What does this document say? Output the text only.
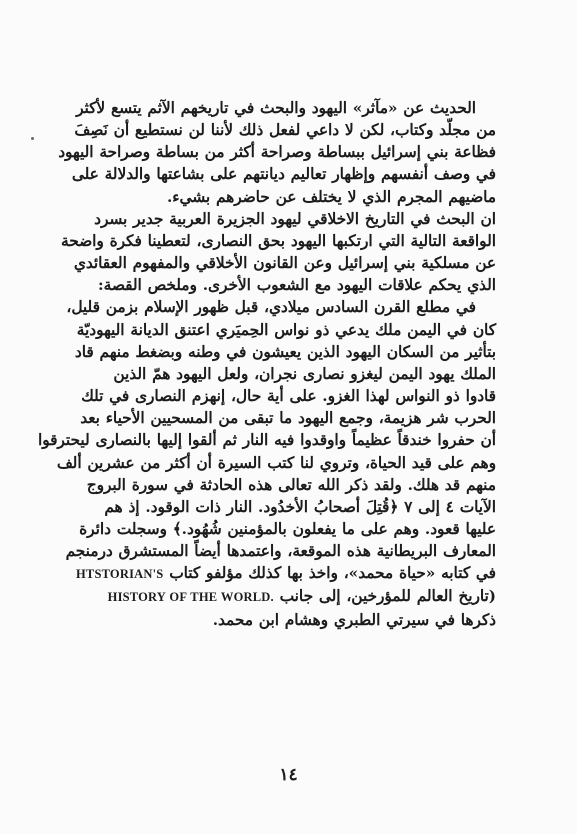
الحديث عن «مآثر» اليهود والبحث في تاريخهم الآثم يتسع لأكثر
من مجلّد وكتاب، لكن لا داعي لفعل ذلك لأننا لن نستطيع أن نَصِفَ
فظاعة بني إسرائيل ببساطة وصراحة أكثر من بساطة وصراحة اليهود
في وصف أنفسهم وإظهار تعاليم ديانتهم على بشاعتها والدلالة على
ماضيهم المجرم الذي لا يختلف عن حاضرهم بشيء.
ان البحث في التاريخ الاخلاقي ليهود الجزيرة العربية جدير بسرد
الواقعة التالية التي ارتكبها اليهود بحق النصارى، لتعطينا فكرة واضحة
عن مسلكية بني إسرائيل وعن القانون الأخلاقي والمفهوم العقائدي
الذي يحكم علاقات اليهود مع الشعوب الأخرى. وملخص القصة:
في مطلع القرن السادس ميلادي، قبل ظهور الإسلام بزمن قليل،
كان في اليمن ملك يدعي ذو نواس الحِميَري اعتنق الديانة اليهوديّة
بتأثير من السكان اليهود الذين يعيشون في وطنه وبضغط منهم قاد
الملك يهود اليمن ليغزو نصارى نجران، ولعل اليهود همّ الذين
قادوا ذو النواس لهذا الغزو. على أية حال، إنهزم النصارى في تلك
الحرب شر هزيمة، وجمع اليهود ما تبقى من المسحيين الأحياء بعد
أن حفروا خندقاً عظيماً واوقدوا فيه النار ثم ألقوا إليها بالنصارى ليحترقوا
وهم على قيد الحياة، وتروي لنا كتب السيرة أن أكثر من عشرين ألف
منهم قد هلك. ولقد ذكر الله تعالى هذه الحادثة في سورة البروج
الآيات ٤ إلى ٧ ﴿قُتِلَ أصحابُ الأخدُود. النار ذات الوقود. إذ هم
عليها قعود. وهم على ما يفعلون بالمؤمنين شُهُود.﴾ وسجلت دائرة
المعارف البريطانية هذه الموقعة، واعتمدها أيضاً المستشرق درمنجم
في كتابه «حياة محمد»، واخذ بها كذلك مؤلفو كتاب HTSTORIAN'S
(تاريخ العالم للمؤرخين، إلى جانب HISTORY OF THE WORLD.
ذكرها في سيرتي الطبري وهشام ابن محمد.
١٤
